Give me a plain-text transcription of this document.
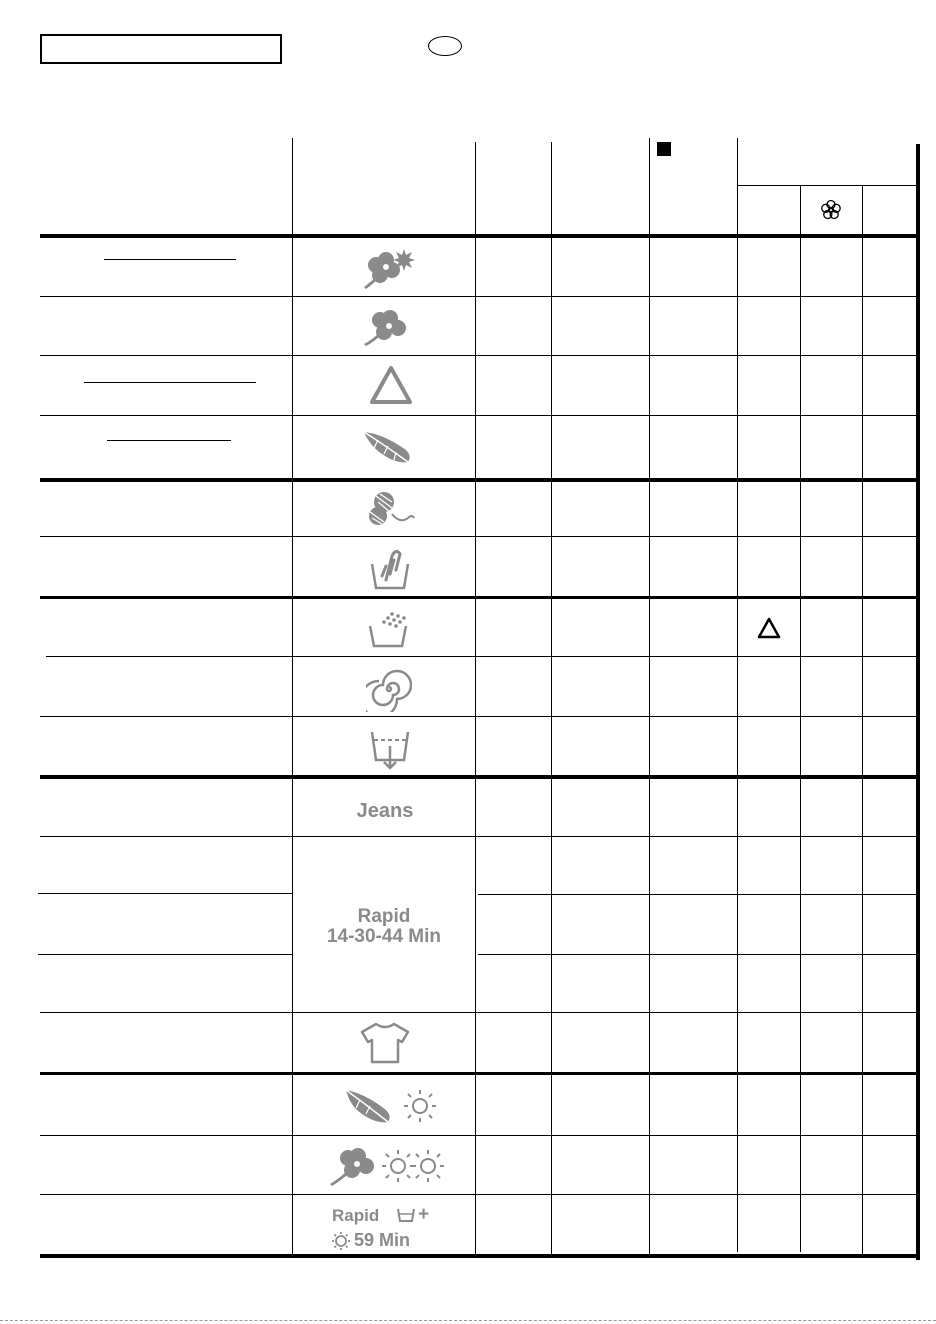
Jeans
Rapid
14-30-44 Min
Rapid	+
59 Min
